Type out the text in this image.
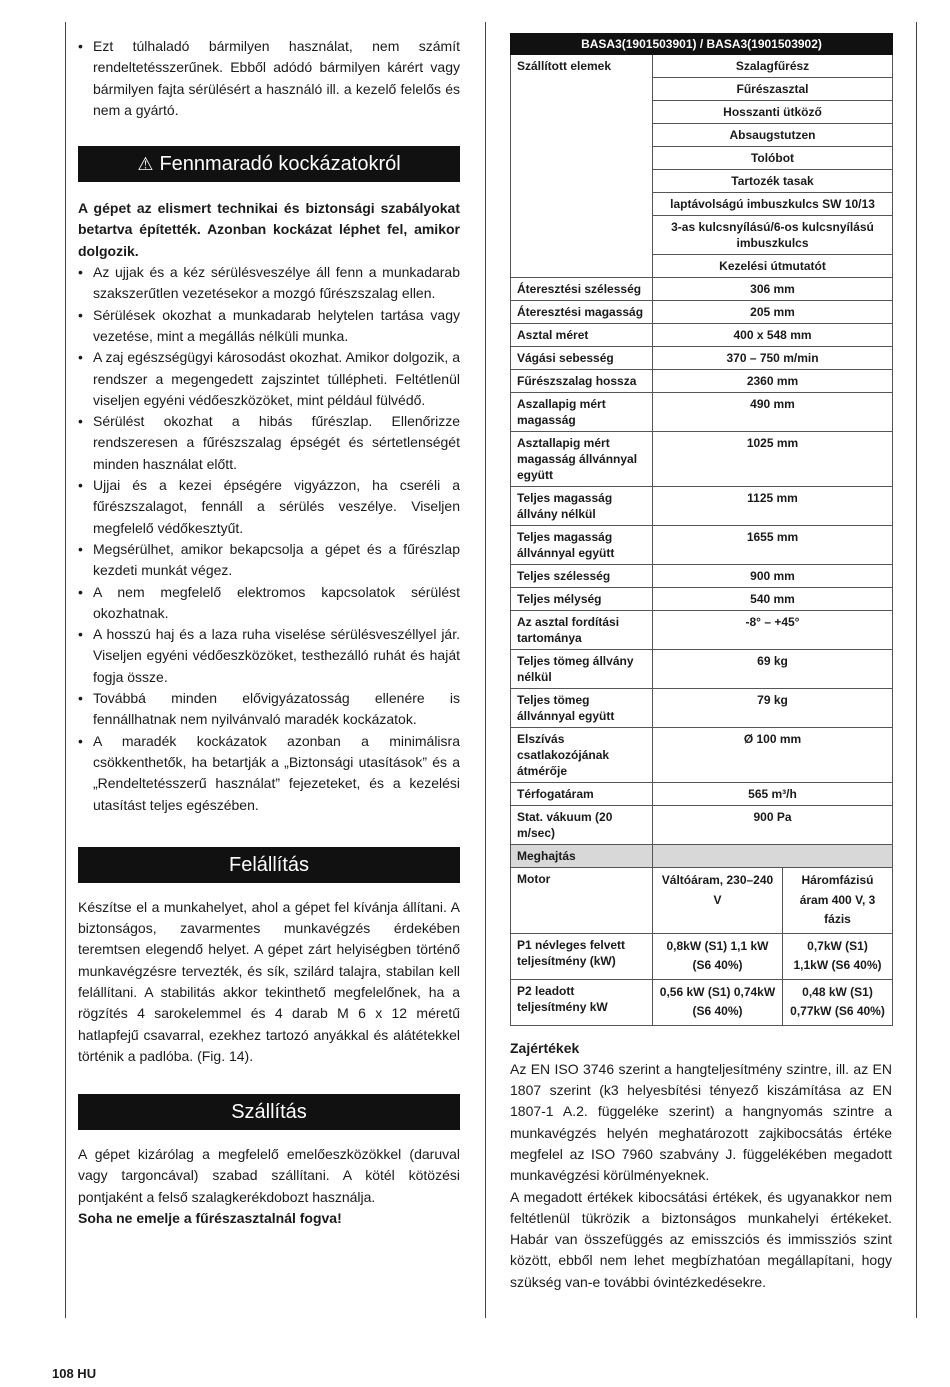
• Ezt túlhaladó bármilyen használat, nem számít rendeltetésszerűnek. Ebből adódó bármilyen kárért vagy bármilyen fajta sérülésért a használó ill. a kezelő felelős és nem a gyártó.
⚠ Fennmaradó kockázatokról

A gépet az elismert technikai és biztonsági szabályokat betartva építették. Azonban kockázat léphet fel, amikor dolgozik.

• Az ujjak és a kéz sérülésveszélye áll fenn a munkadarab szakszerűtlen vezetésekor a mozgó fűrészszalag ellen.
• Sérülések okozhat a munkadarab helytelen tartása vagy vezetése, mint a megállás nélküli munka.
• A zaj egészségügyi károsodást okozhat. Amikor dolgozik, a rendszer a megengedett zajszintet túllépheti. Feltétlenül viseljen egyéni védőeszközöket, mint például fülvédő.
• Sérülést okozhat a hibás fűrészlap. Ellenőrizze rendszeresen a fűrészszalag épségét és sértetlenségét minden használat előtt.
• Ujjai és a kezei épségére vigyázzon, ha cseréli a fűrészszalagot, fennáll a sérülés veszélye. Viseljen megfelelő védőkesztyűt.
• Megsérülhet, amikor bekapcsolja a gépet és a fűrészlap kezdeti munkát végez.
• A nem megfelelő elektromos kapcsolatok sérülést okozhatnak.
• A hosszú haj és a laza ruha viselése sérülésveszéllyel jár. Viseljen egyéni védőeszközöket, testhezálló ruhát és haját fogja össze.
• Továbbá minden elővigyázatosság ellenére is fennállhatnak nem nyilvánvaló maradék kockázatok.
• A maradék kockázatok azonban a minimálisra csökkenthetők, ha betartják a „Biztonsági utasítások” és a „Rendeltetésszerű használat” fejezeteket, és a kezelési utasítást teljes egészében.
Felállítás

Készítse el a munkahelyet, ahol a gépet fel kívánja állítani. A biztonságos, zavarmentes munkavégzés érdekében teremtsen elegendő helyet. A gépet zárt helyiségben történő munkavégzésre tervezték, és sík, szilárd talajra, stabilan kell felállítani. A stabilitás akkor tekinthető megfelelőnek, ha a rögzítés 4 sarokelemmel és 4 darab M 6 x 12 méretű hatlapfejű csavarral, ezekhez tartozó anyákkal és alátétekkel történik a padlóba. (Fig. 14).

Szállítás

A gépet kizárólag a megfelelő emelőeszközökkel (daruval vagy targoncával) szabad szállítani. A kötél kötözési pontjaként a felső szalagkerékdobozt használja.

Soha ne emelje a fűrészasztalnál fogva!

BASA3(1901503901) / BASA3(1901503902)		
Szállított elemek	Szalagfűrész	
	Fűrészasztal	
	Hosszanti ütköző	
	Absaugstutzen	
	Tolóbot	
	Tartozék tasak	
	laptávolságú imbuszkulcs SW 10/13	
	3-as kulcsnyílású/6-os kulcsnyílású imbuszkulcs	
	Kezelési útmutatót	
Áteresztési szélesség	306 mm	
Áteresztési magasság	205 mm	
Asztal méret	400 x 548 mm	
Vágási sebesség	370 – 750 m/min	
Fűrészszalag hossza	2360 mm	
Aszallapig mért magasság	490 mm	
Asztallapig mért magasság állvánnyal együtt	1025 mm	
Teljes magasság állvány nélkül	1125 mm	
Teljes magasság állvánnyal együtt	1655 mm	
Teljes szélesség	900 mm	
Teljes mélység	540 mm	
Az asztal fordítási tartománya	-8° – +45°	
Teljes tömeg állvány nélkül	69 kg	
Teljes tömeg állvánnyal együtt	79 kg	
Elszívás csatlakozójának átmérője	Ø 100 mm	
Térfogatáram	565 m³/h	
Stat. vákuum (20 m/sec)	900 Pa	
Meghajtás		
Motor	Váltóáram, 230–240 V	Háromfázisú áram 400 V, 3 fázis
P1 névleges felvett teljesítmény (kW)	0,8kW (S1) 1,1 kW (S6 40%)	0,7kW (S1) 1,1kW (S6 40%)
P2 leadott teljesítmény kW	0,56 kW (S1) 0,74kW (S6 40%)	0,48 kW (S1) 0,77kW (S6 40%)

Zajértékek

Az EN ISO 3746 szerint a hangteljesítmény szintre, ill. az EN 1807 szerint (k3 helyesbítési tényező kiszámítása az EN 1807-1 A.2. függeléke szerint) a hangnyomás szintre a munkavégzés helyén meghatározott zajkibocsátás értéke megfelel az ISO 7960 szabvány J. függelékében megadott munkavégzési körülményeknek.

A megadott értékek kibocsátási értékek, és ugyanakkor nem feltétlenül tükrözik a biztonságos munkahelyi értékeket. Habár van összefüggés az emisszciós és immissziós szint között, ebből nem lehet megbízhatóan megállapítani, hogy szükség van-e további óvintézkedésekre.

108 HU
